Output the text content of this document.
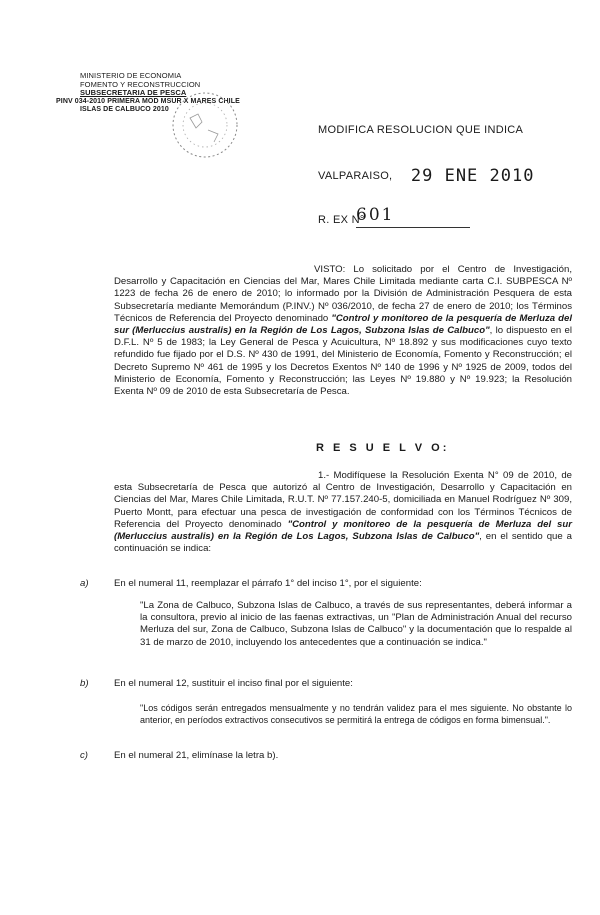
MINISTERIO DE ECONOMIA
FOMENTO Y RECONSTRUCCION
SUBSECRETARIA DE PESCA
PINV 034-2010 PRIMERA MOD MSUR X MARES CHILE
ISLAS DE CALBUCO 2010
MODIFICA RESOLUCION QUE INDICA
VALPARAISO, 29 ENE 2010
R. EX N°
601
VISTO: Lo solicitado por el Centro de Investigación, Desarrollo y Capacitación en Ciencias del Mar, Mares Chile Limitada mediante carta C.I. SUBPESCA Nº 1223 de fecha 26 de enero de 2010; lo informado por la División de Administración Pesquera de esta Subsecretaría mediante Memorándum (P.INV.) Nº 036/2010, de fecha 27 de enero de 2010; los Términos Técnicos de Referencia del Proyecto denominado "Control y monitoreo de la pesquería de Merluza del sur (Merluccius australis) en la Región de Los Lagos, Subzona Islas de Calbuco", lo dispuesto en el D.F.L. Nº 5 de 1983; la Ley General de Pesca y Acuicultura, Nº 18.892 y sus modificaciones cuyo texto refundido fue fijado por el D.S. Nº 430 de 1991, del Ministerio de Economía, Fomento y Reconstrucción; el Decreto Supremo Nº 461 de 1995 y los Decretos Exentos Nº 140 de 1996 y Nº 1925 de 2009, todos del Ministerio de Economía, Fomento y Reconstrucción; las Leyes Nº 19.880 y Nº 19.923; la Resolución Exenta Nº 09 de 2010 de esta Subsecretaría de Pesca.
R E S U E L V O:
1.- Modifíquese la Resolución Exenta N° 09 de 2010, de esta Subsecretaría de Pesca que autorizó al Centro de Investigación, Desarrollo y Capacitación en Ciencias del Mar, Mares Chile Limitada, R.U.T. Nº 77.157.240-5, domiciliada en Manuel Rodríguez Nº 309, Puerto Montt, para efectuar una pesca de investigación de conformidad con los Términos Técnicos de Referencia del Proyecto denominado "Control y monitoreo de la pesquería de Merluza del sur (Merluccius australis) en la Región de Los Lagos, Subzona Islas de Calbuco", en el sentido que a continuación se indica:
a)	En el numeral 11, reemplazar el párrafo 1° del inciso 1°, por el siguiente:
"La Zona de Calbuco, Subzona Islas de Calbuco, a través de sus representantes, deberá informar a la consultora, previo al inicio de las faenas extractivas, un "Plan de Administración Anual del recurso Merluza del sur, Zona de Calbuco, Subzona Islas de Calbuco" y la documentación que lo respalde al 31 de marzo de 2010, incluyendo los antecedentes que a continuación se indica."
b)	En el numeral 12, sustituir el inciso final por el siguiente:
"Los códigos serán entregados mensualmente y no tendrán validez para el mes siguiente. No obstante lo anterior, en períodos extractivos consecutivos se permitirá la entrega de códigos en forma bimensual.".
c)	En el numeral 21, elimínase la letra b).
